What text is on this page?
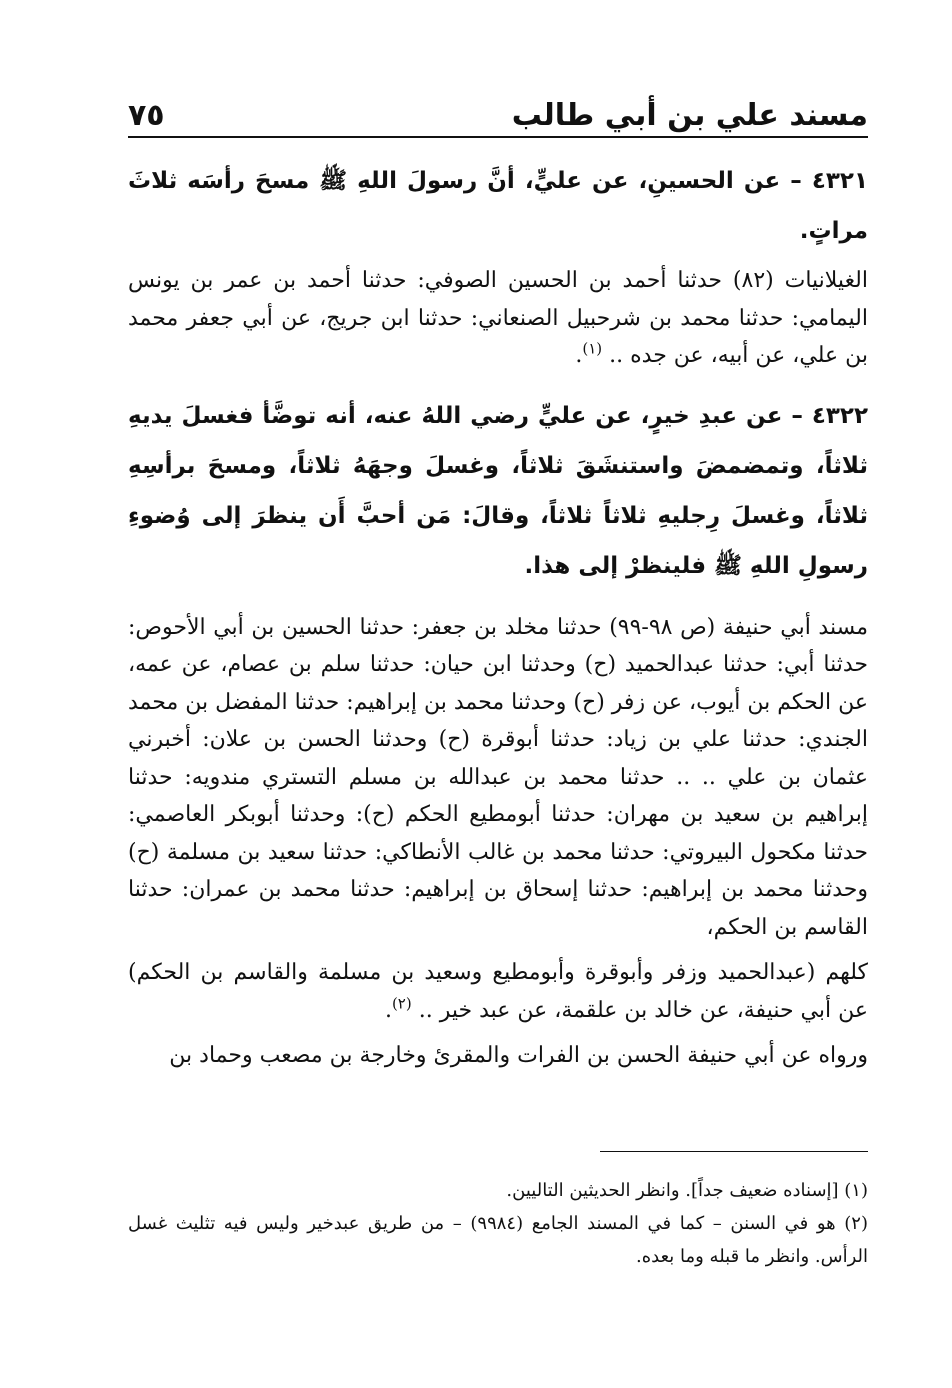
مسند علي بن أبي طالب
٧٥

٤٣٢١ – عن الحسينِ، عن عليٍّ، أنَّ رسولَ اللهِ ﷺ مسحَ رأسَه ثلاثَ مراتٍ.

الغيلانيات (٨٢) حدثنا أحمد بن الحسين الصوفي: حدثنا أحمد بن عمر بن يونس اليمامي: حدثنا محمد بن شرحبيل الصنعاني: حدثنا ابن جريج، عن أبي جعفر محمد بن علي، عن أبيه، عن جده .. $^{(١)}$.

٤٣٢٢ – عن عبدِ خيرٍ، عن عليٍّ رضي اللهُ عنه، أنه توضَّأ فغسلَ يديهِ ثلاثاً، وتمضمضَ واستنشَقَ ثلاثاً، وغسلَ وجهَهُ ثلاثاً، ومسحَ برأسِهِ ثلاثاً، وغسلَ رِجليهِ ثلاثاً ثلاثاً، وقالَ: مَن أحبَّ أَن ينظرَ إلى وُضوءِ رسولِ اللهِ ﷺ فلينظرْ إلى هذا.

مسند أبي حنيفة (ص ٩٨-٩٩) حدثنا مخلد بن جعفر: حدثنا الحسين بن أبي الأحوص: حدثنا أبي: حدثنا عبدالحميد (ح) وحدثنا ابن حيان: حدثنا سلم بن عصام، عن عمه، عن الحكم بن أيوب، عن زفر (ح) وحدثنا محمد بن إبراهيم: حدثنا المفضل بن محمد الجندي: حدثنا علي بن زياد: حدثنا أبوقرة (ح) وحدثنا الحسن بن علان: أخبرني عثمان بن علي .. .. حدثنا محمد بن عبدالله بن مسلم التستري مندويه: حدثنا إبراهيم بن سعيد بن مهران: حدثنا أبومطيع الحكم (ح): وحدثنا أبوبكر العاصمي: حدثنا مكحول البيروتي: حدثنا محمد بن غالب الأنطاكي: حدثنا سعيد بن مسلمة (ح) وحدثنا محمد بن إبراهيم: حدثنا إسحاق بن إبراهيم: حدثنا محمد بن عمران: حدثنا القاسم بن الحكم،

كلهم (عبدالحميد وزفر وأبوقرة وأبومطيع وسعيد بن مسلمة والقاسم بن الحكم) عن أبي حنيفة، عن خالد بن علقمة، عن عبد خير .. $^{(٢)}$.

ورواه عن أبي حنيفة الحسن بن الفرات والمقرئ وخارجة بن مصعب وحماد بن

(١) [إسناده ضعيف جداً]. وانظر الحديثين التاليين.

(٢) هو في السنن – كما في المسند الجامع (٩٩٨٤) – من طريق عبدخير وليس فيه تثليث غسل الرأس. وانظر ما قبله وما بعده.
